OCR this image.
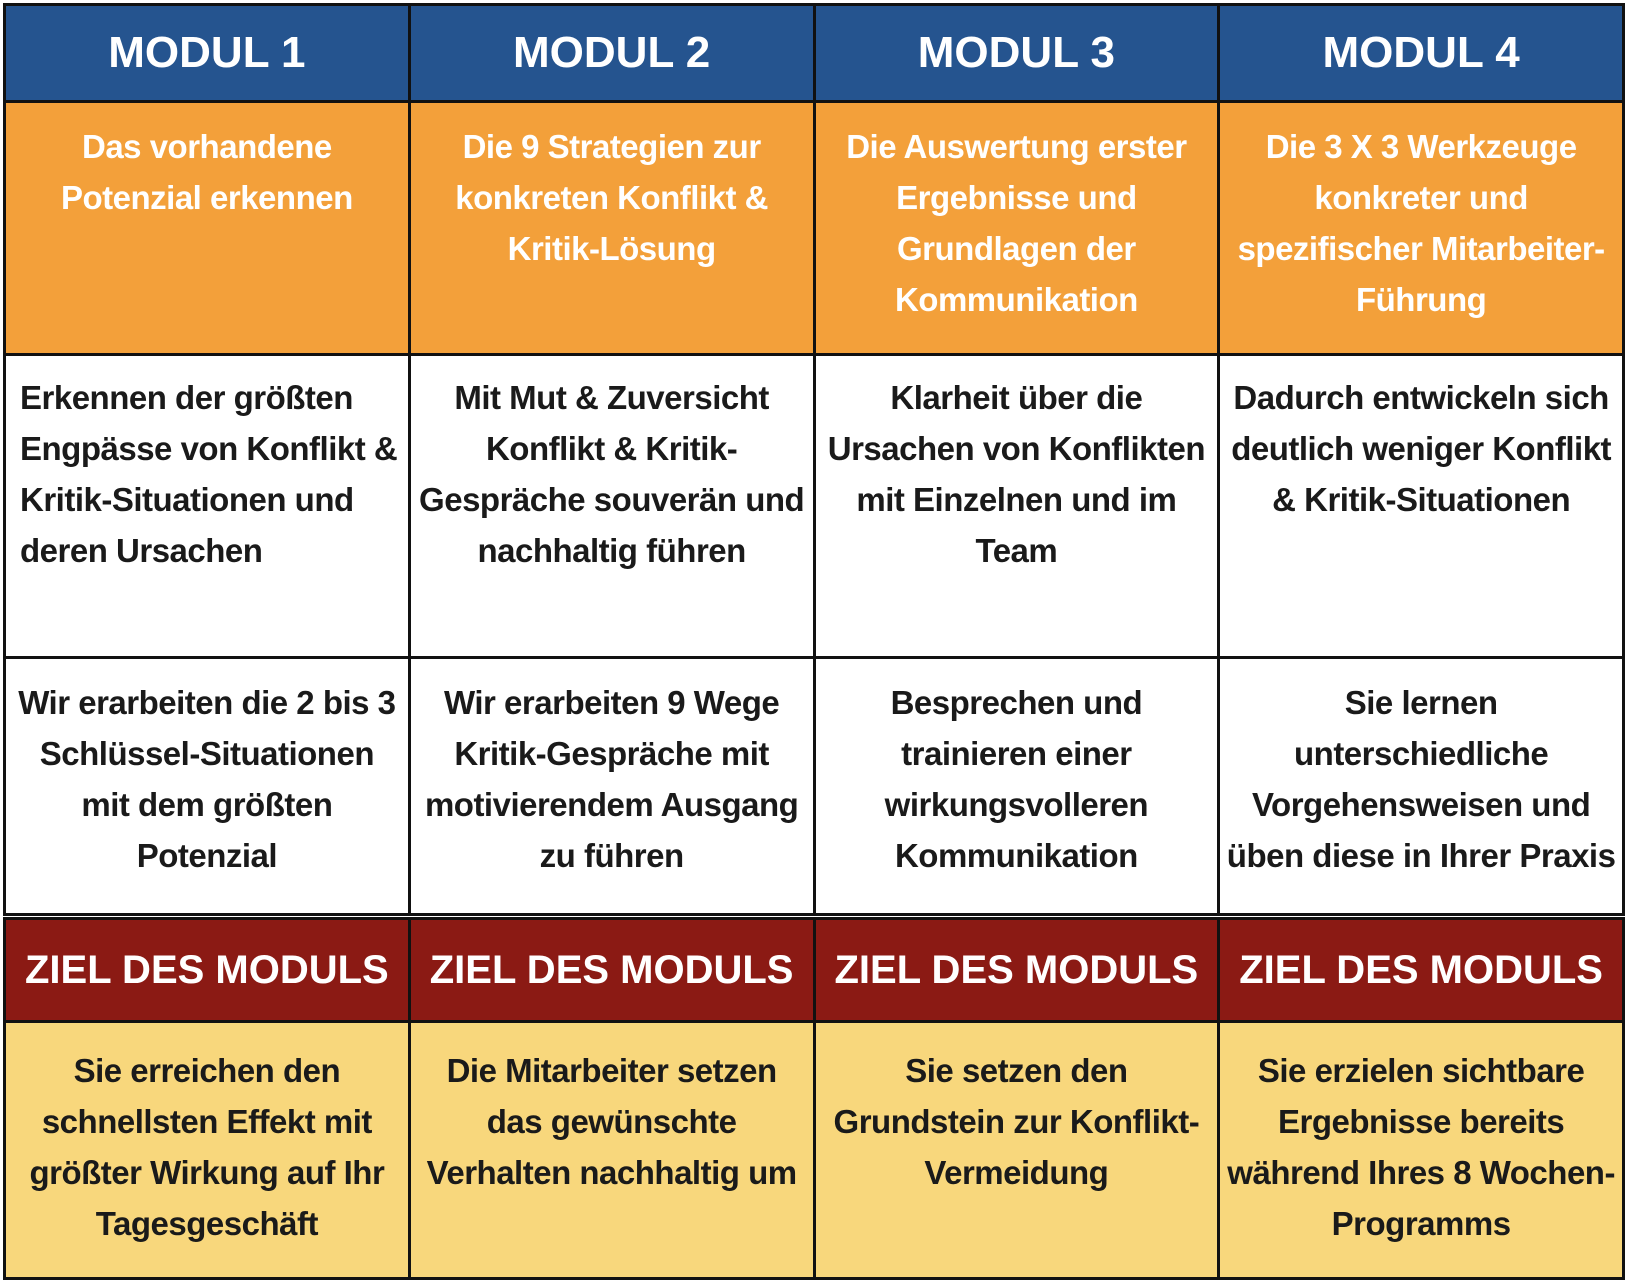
MODUL 1	MODUL 2	MODUL 3	MODUL 4
Das vorhandene Potenzial erkennen	Die 9 Strategien zur konkreten Konflikt & Kritik-Lösung	Die Auswertung erster Ergebnisse und Grundlagen der Kommunikation	Die 3 X 3 Werkzeuge konkreter und spezifischer Mitarbeiter-Führung
Erkennen der größten Engpässe von Konflikt & Kritik-Situationen und deren Ursachen	Mit Mut & Zuversicht Konflikt & Kritik-Gespräche souverän und nachhaltig führen	Klarheit über die Ursachen von Konflikten mit Einzelnen und im Team	Dadurch entwickeln sich deutlich weniger Konflikt & Kritik-Situationen
Wir erarbeiten die 2 bis 3 Schlüssel-Situationen mit dem größten Potenzial	Wir erarbeiten 9 Wege Kritik-Gespräche mit motivierendem Ausgang zu führen	Besprechen und trainieren einer wirkungsvolleren Kommunikation	Sie lernen unterschiedliche Vorgehensweisen und üben diese in Ihrer Praxis
ZIEL DES MODULS	ZIEL DES MODULS	ZIEL DES MODULS	ZIEL DES MODULS
Sie erreichen den schnellsten Effekt mit größter Wirkung auf Ihr Tagesgeschäft	Die Mitarbeiter setzen das gewünschte Verhalten nachhaltig um	Sie setzen den Grundstein zur Konflikt-Vermeidung	Sie erzielen sichtbare Ergebnisse bereits während Ihres 8 Wochen-Programms
